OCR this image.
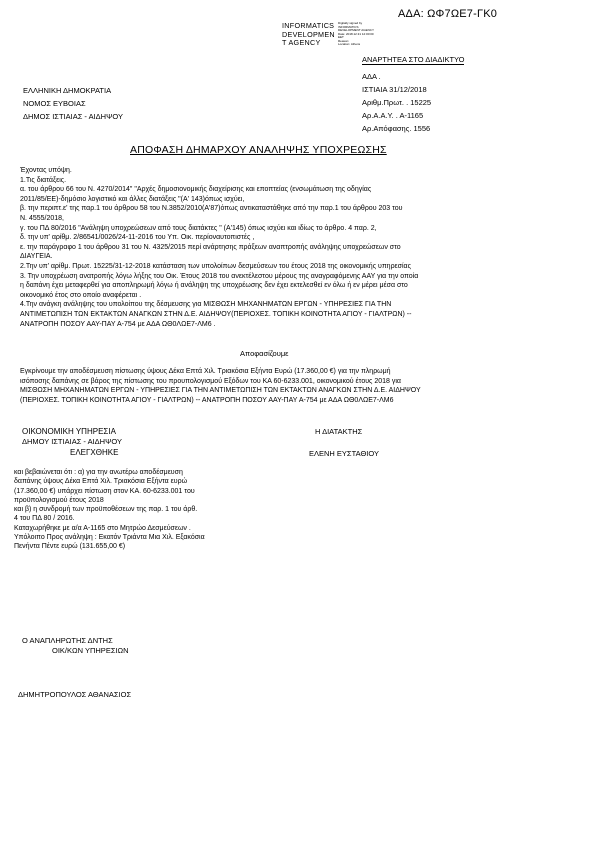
ΑΔΑ: ΩΦ7ΩΕ7-ΓΚ0
INFORMATICS
DEVELOPMEN
T AGENCY
Digitally signed by
INFORMATICS
DEVELOPMENT AGENCY
Date: 2018.12.31 12:00:00
EET
Reason:
Location: Athens
ΑΝΑΡΤΗΤΕΑ ΣΤΟ ΔΙΑΔΙΚΤΥΟ
ΕΛΛΗΝΙΚΗ ΔΗΜΟΚΡΑΤΙΑ
ΝΟΜΟΣ ΕΥΒΟΙΑΣ
ΔΗΜΟΣ ΙΣΤΙΑΙΑΣ - ΑΙΔΗΨΟΥ
ΑΔΑ .
ΙΣΤΙΑΙΑ 31/12/2018
Αριθμ.Πρωτ. . 15225
Αρ.Α.Α.Υ. . Α-1165
Αρ.Απόφασης. 1556
ΑΠΟΦΑΣΗ ΔΗΜΑΡΧΟΥ ΑΝΑΛΗΨΗΣ ΥΠΟΧΡΕΩΣΗΣ
Έχοντας υπόψη.
1.Τις διατάξεις.
α. του άρθρου 66 του Ν. 4270/2014" "Αρχές δημοσιονομικής διαχείρισης και εποπτείας (ενσωμάτωση της οδηγίας
2011/85/ΕΕ)-δημόσιο λογιστικό και άλλες διατάξεις "(Α' 143)όπως ισχύει,
β. την περιπτ.ε' της παρ.1 του άρθρου 58 του Ν.3852/2010(Α'87)όπως αντικαταστάθηκε από την παρ.1 του άρθρου 203 του
Ν. 4555/2018,
γ. του ΠΔ 80/2016 "Ανάληψη υποχρεώσεων από τους διατάκτες " (Α'145) όπως ισχύει και ιδίως το άρθρο. 4 παρ. 2,
δ. την υπ' αρίθμ. 2/86541/0026/24-11-2016 του Υπ. Οικ. περίοναυτοπιστές ,
ε. την παράγραφο 1 του άρθρου 31 του Ν. 4325/2015 περί ανάρτησης πράξεων αναπτροπής ανάληψης υποχρεώσεων στο
ΔΙΑΥΓΕΙΑ.
2.Την υπ' αρίθμ. Πρωτ. 15225/31-12-2018 κατάσταση των υπολοίπων δεσμεύσεων του έτους 2018 της οικονομικής υπηρεσίας
3. Την υποχρέωση ανατροπής λόγω λήξης του Οικ. Έτους 2018 του ανεκτέλεστου μέρους της αναγραφόμενης ΑΑΥ για την οποία
η δαπάνη έχει μεταφερθεί για αποπληρωμή λόγω ή ανάληψη της υποχρέωσης δεν έχει εκτελεσθεί εν όλω ή εν μέρει μέσα στο
οικονομικό έτος στο οποίο αναφέρεται .
4.Την ανάγκη ανάληψης του υπολοίπου της δέσμευσης για ΜΙΣΘΩΣΗ ΜΗΧΑΝΗΜΑΤΩΝ ΕΡΓΩΝ - ΥΠΗΡΕΣΙΕΣ ΓΙΑ ΤΗΝ
ΑΝΤΙΜΕΤΩΠΙΣΗ ΤΩΝ ΕΚΤΑΚΤΩΝ ΑΝΑΓΚΩΝ ΣΤΗΝ Δ.Ε. ΑΙΔΗΨΟΥ(ΠΕΡΙΟΧΕΣ. ΤΟΠΙΚΗ ΚΟΙΝΟΤΗΤΑ ΑΓΙΟΥ - ΓΙΑΛΤΡΩΝ) --
ΑΝΑΤΡΟΠΗ ΠΟΣΟΥ ΑΑΥ-ΠΑΥ Α-754 με ΑΔΑ ΩΘ0ΛΩΕ7-ΛΜ6 .
Αποφασίζουμε
Εγκρίνουμε την αποδέσμευση πίστωσης ύψους Δέκα Επτά Χιλ. Τριακόσια Εξήντα Ευρώ (17.360,00 €) για την πληρωμή
ισόποσης δαπάνης σε βάρος της πίστωσης του προυπολογισμού Εξόδων του ΚΑ 60-6233.001, οικονομικού έτους 2018 για
ΜΙΣΘΩΣΗ ΜΗΧΑΝΗΜΑΤΩΝ ΕΡΓΩΝ - ΥΠΗΡΕΣΙΕΣ ΓΙΑ ΤΗΝ ΑΝΤΙΜΕΤΩΠΙΣΗ ΤΩΝ ΕΚΤΑΚΤΩΝ ΑΝΑΓΚΩΝ ΣΤΗΝ Δ.Ε. ΑΙΔΗΨΟΥ
(ΠΕΡΙΟΧΕΣ. ΤΟΠΙΚΗ ΚΟΙΝΟΤΗΤΑ ΑΓΙΟΥ - ΓΙΑΛΤΡΩΝ) -- ΑΝΑΤΡΟΠΗ ΠΟΣΟΥ ΑΑΥ-ΠΑΥ Α-754 με ΑΔΑ ΩΘ0ΛΩΕ7-ΛΜ6
ΟΙΚΟΝΟΜΙΚΗ ΥΠΗΡΕΣΙΑ
ΔΗΜΟΥ ΙΣΤΙΑΙΑΣ - ΑΙΔΗΨΟΥ
ΕΛΕΓΧΘΗΚΕ
Η ΔΙΑΤΑΚΤΗΣ
ΕΛΕΝΗ ΕΥΣΤΑΘΙΟΥ
και βεβαιώνεται ότι : α) για την ανωτέρω αποδέσμευση
δαπάνης ύψους Δέκα Επτά Χιλ. Τριακόσια Εξήντα ευρώ
(17.360,00 €) υπάρχει πίστωση στον ΚΑ. 60-6233.001 του
προϋπολογισμού έτους 2018
και β) η συνδρομή των προϋποθέσεων της παρ. 1 του άρθ.
4 του ΠΔ 80 / 2016.
Καταχωρήθηκε με α/α Α-1165 στο Μητρώο Δεσμεύσεων .
Υπόλοιπο Προς ανάληψη : Εκατόν Τριάντα Μια Χιλ. Εξακόσια
Πενήντα Πέντε ευρώ (131.655,00 €)
Ο ΑΝΑΠΛΗΡΩΤΗΣ ΔΝΤΗΣ
ΟΙΚ/ΚΩΝ ΥΠΗΡΕΣΙΩΝ
ΔΗΜΗΤΡΟΠΟΥΛΟΣ ΑΘΑΝΑΣΙΟΣ
